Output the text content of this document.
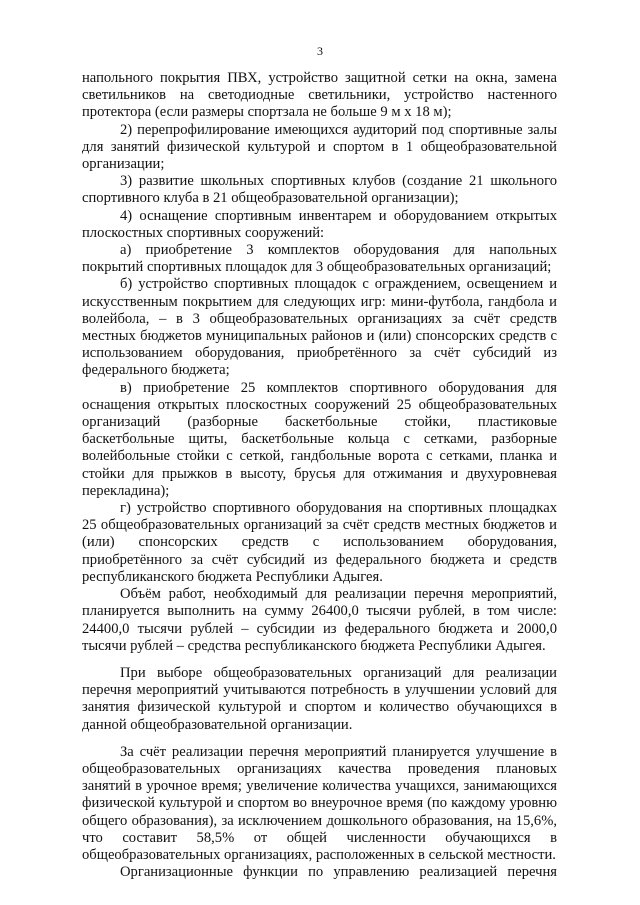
3

напольного покрытия ПВХ, устройство защитной сетки на окна, замена светильников на светодиодные светильники, устройство настенного протектора (если размеры спортзала не больше 9 м x 18 м);

2) перепрофилирование имеющихся аудиторий под спортивные залы для занятий физической культурой и спортом в 1 общеобразовательной организации;

3) развитие школьных спортивных клубов (создание 21 школьного спортивного клуба в 21 общеобразовательной организации);

4) оснащение спортивным инвентарем и оборудованием открытых плоскостных спортивных сооружений:

а) приобретение 3 комплектов оборудования для напольных покрытий спортивных площадок для 3 общеобразовательных организаций;

б) устройство спортивных площадок с ограждением, освещением и искусственным покрытием для следующих игр: мини-футбола, гандбола и волейбола, – в 3 общеобразовательных организациях за счёт средств местных бюджетов муниципальных районов и (или) спонсорских средств с использованием оборудования, приобретённого за счёт субсидий из федерального бюджета;

в) приобретение 25 комплектов спортивного оборудования для оснащения открытых плоскостных сооружений 25 общеобразовательных организаций (разборные баскетбольные стойки, пластиковые баскетбольные щиты, баскетбольные кольца с сетками, разборные волейбольные стойки с сеткой, гандбольные ворота с сетками, планка и стойки для прыжков в высоту, брусья для отжимания и двухуровневая перекладина);

г) устройство спортивного оборудования на спортивных площадках 25 общеобразовательных организаций за счёт средств местных бюджетов и (или) спонсорских средств с использованием оборудования, приобретённого за счёт субсидий из федерального бюджета и средств республиканского бюджета Республики Адыгея.

Объём работ, необходимый для реализации перечня мероприятий, планируется выполнить на сумму 26400,0 тысячи рублей, в том числе: 24400,0 тысячи рублей – субсидии из федерального бюджета и 2000,0 тысячи рублей – средства республиканского бюджета Республики Адыгея.

При выборе общеобразовательных организаций для реализации перечня мероприятий учитываются потребность в улучшении условий для занятия физической культурой и спортом и количество обучающихся в данной общеобразовательной организации.

За счёт реализации перечня мероприятий планируется улучшение в общеобразовательных организациях качества проведения плановых занятий в урочное время; увеличение количества учащихся, занимающихся физической культурой и спортом во внеурочное время (по каждому уровню общего образования), за исключением дошкольного образования, на 15,6%, что составит 58,5% от общей численности обучающихся в общеобразовательных организациях, расположенных в сельской местности.

Организационные функции по управлению реализацией перечня
